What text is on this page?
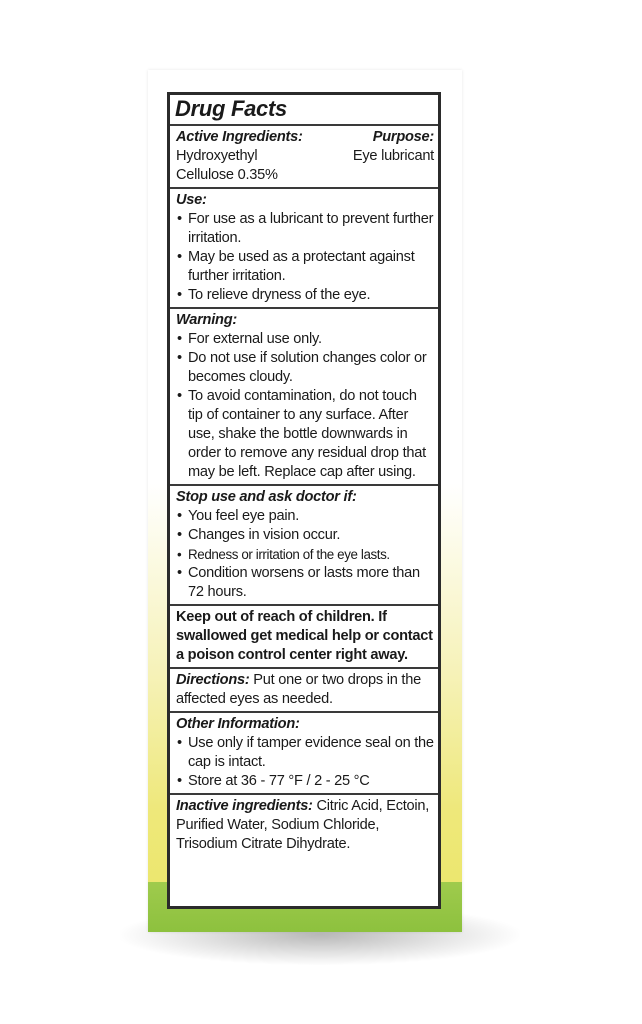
Drug Facts
Active Ingredients:	Purpose:
Hydroxyethyl	Eye lubricant
Cellulose 0.35%
Use:
• For use as a lubricant to prevent further irritation.
• May be used as a protectant against further irritation.
• To relieve dryness of the eye.
Warning:
• For external use only.
• Do not use if solution changes color or becomes cloudy.
• To avoid contamination, do not touch tip of container to any surface. After use, shake the bottle downwards in order to remove any residual drop that may be left. Replace cap after using.
Stop use and ask doctor if:
• You feel eye pain.
• Changes in vision occur.
• Redness or irritation of the eye lasts.
• Condition worsens or lasts more than 72 hours.
Keep out of reach of children. If swallowed get medical help or contact a poison control center right away.
Directions: Put one or two drops in the affected eyes as needed.
Other Information:
• Use only if tamper evidence seal on the cap is intact.
• Store at 36 - 77 °F / 2 - 25 °C
Inactive ingredients: Citric Acid, Ectoin, Purified Water, Sodium Chloride, Trisodium Citrate Dihydrate.
